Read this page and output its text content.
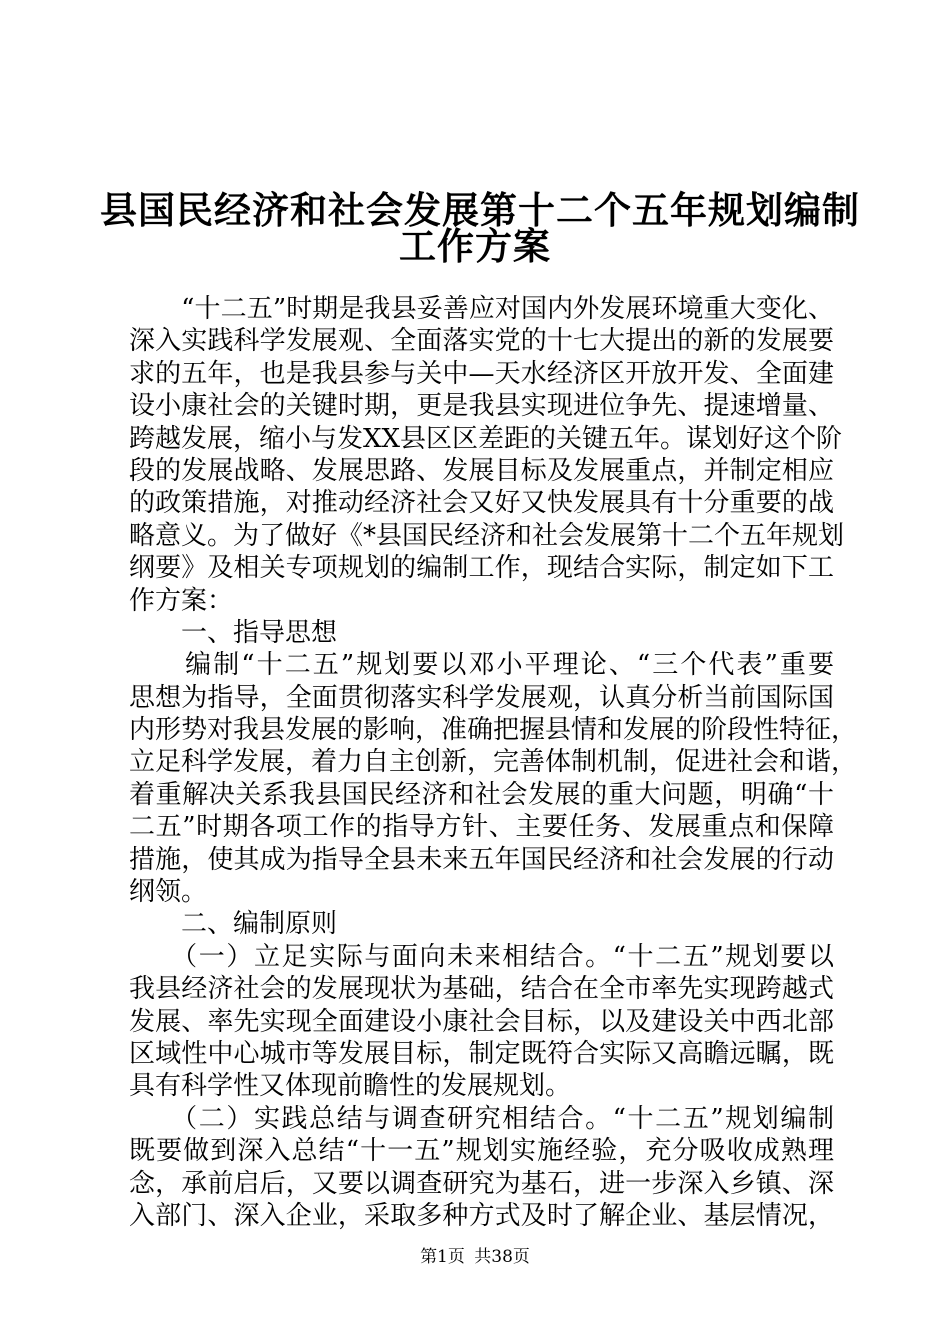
县国民经济和社会发展第十二个五年规划编制
工作方案
　　“十二五”时期是我县妥善应对国内外发展环境重大变化、
深入实践科学发展观、全面落实党的十七大提出的新的发展要
求的五年，也是我县参与关中—天水经济区开放开发、全面建
设小康社会的关键时期，更是我县实现进位争先、提速增量、
跨越发展，缩小与发XX县区区差距的关键五年。谋划好这个阶
段的发展战略、发展思路、发展目标及发展重点，并制定相应
的政策措施，对推动经济社会又好又快发展具有十分重要的战
略意义。为了做好《*县国民经济和社会发展第十二个五年规划
纲要》及相关专项规划的编制工作，现结合实际，制定如下工
作方案：
　　一、指导思想
　　编制“十二五”规划要以邓小平理论、“三个代表”重要
思想为指导，全面贯彻落实科学发展观，认真分析当前国际国
内形势对我县发展的影响，准确把握县情和发展的阶段性特征，
立足科学发展，着力自主创新，完善体制机制，促进社会和谐，
着重解决关系我县国民经济和社会发展的重大问题，明确“十
二五”时期各项工作的指导方针、主要任务、发展重点和保障
措施，使其成为指导全县未来五年国民经济和社会发展的行动
纲领。
　　二、编制原则
　　（一）立足实际与面向未来相结合。“十二五”规划要以
我县经济社会的发展现状为基础，结合在全市率先实现跨越式
发展、率先实现全面建设小康社会目标，以及建设关中西北部
区域性中心城市等发展目标，制定既符合实际又高瞻远瞩，既
具有科学性又体现前瞻性的发展规划。
　　（二）实践总结与调查研究相结合。“十二五”规划编制
既要做到深入总结“十一五”规划实施经验，充分吸收成熟理
念，承前启后，又要以调查研究为基石，进一步深入乡镇、深
入部门、深入企业，采取多种方式及时了解企业、基层情况，
第1页 共38页
